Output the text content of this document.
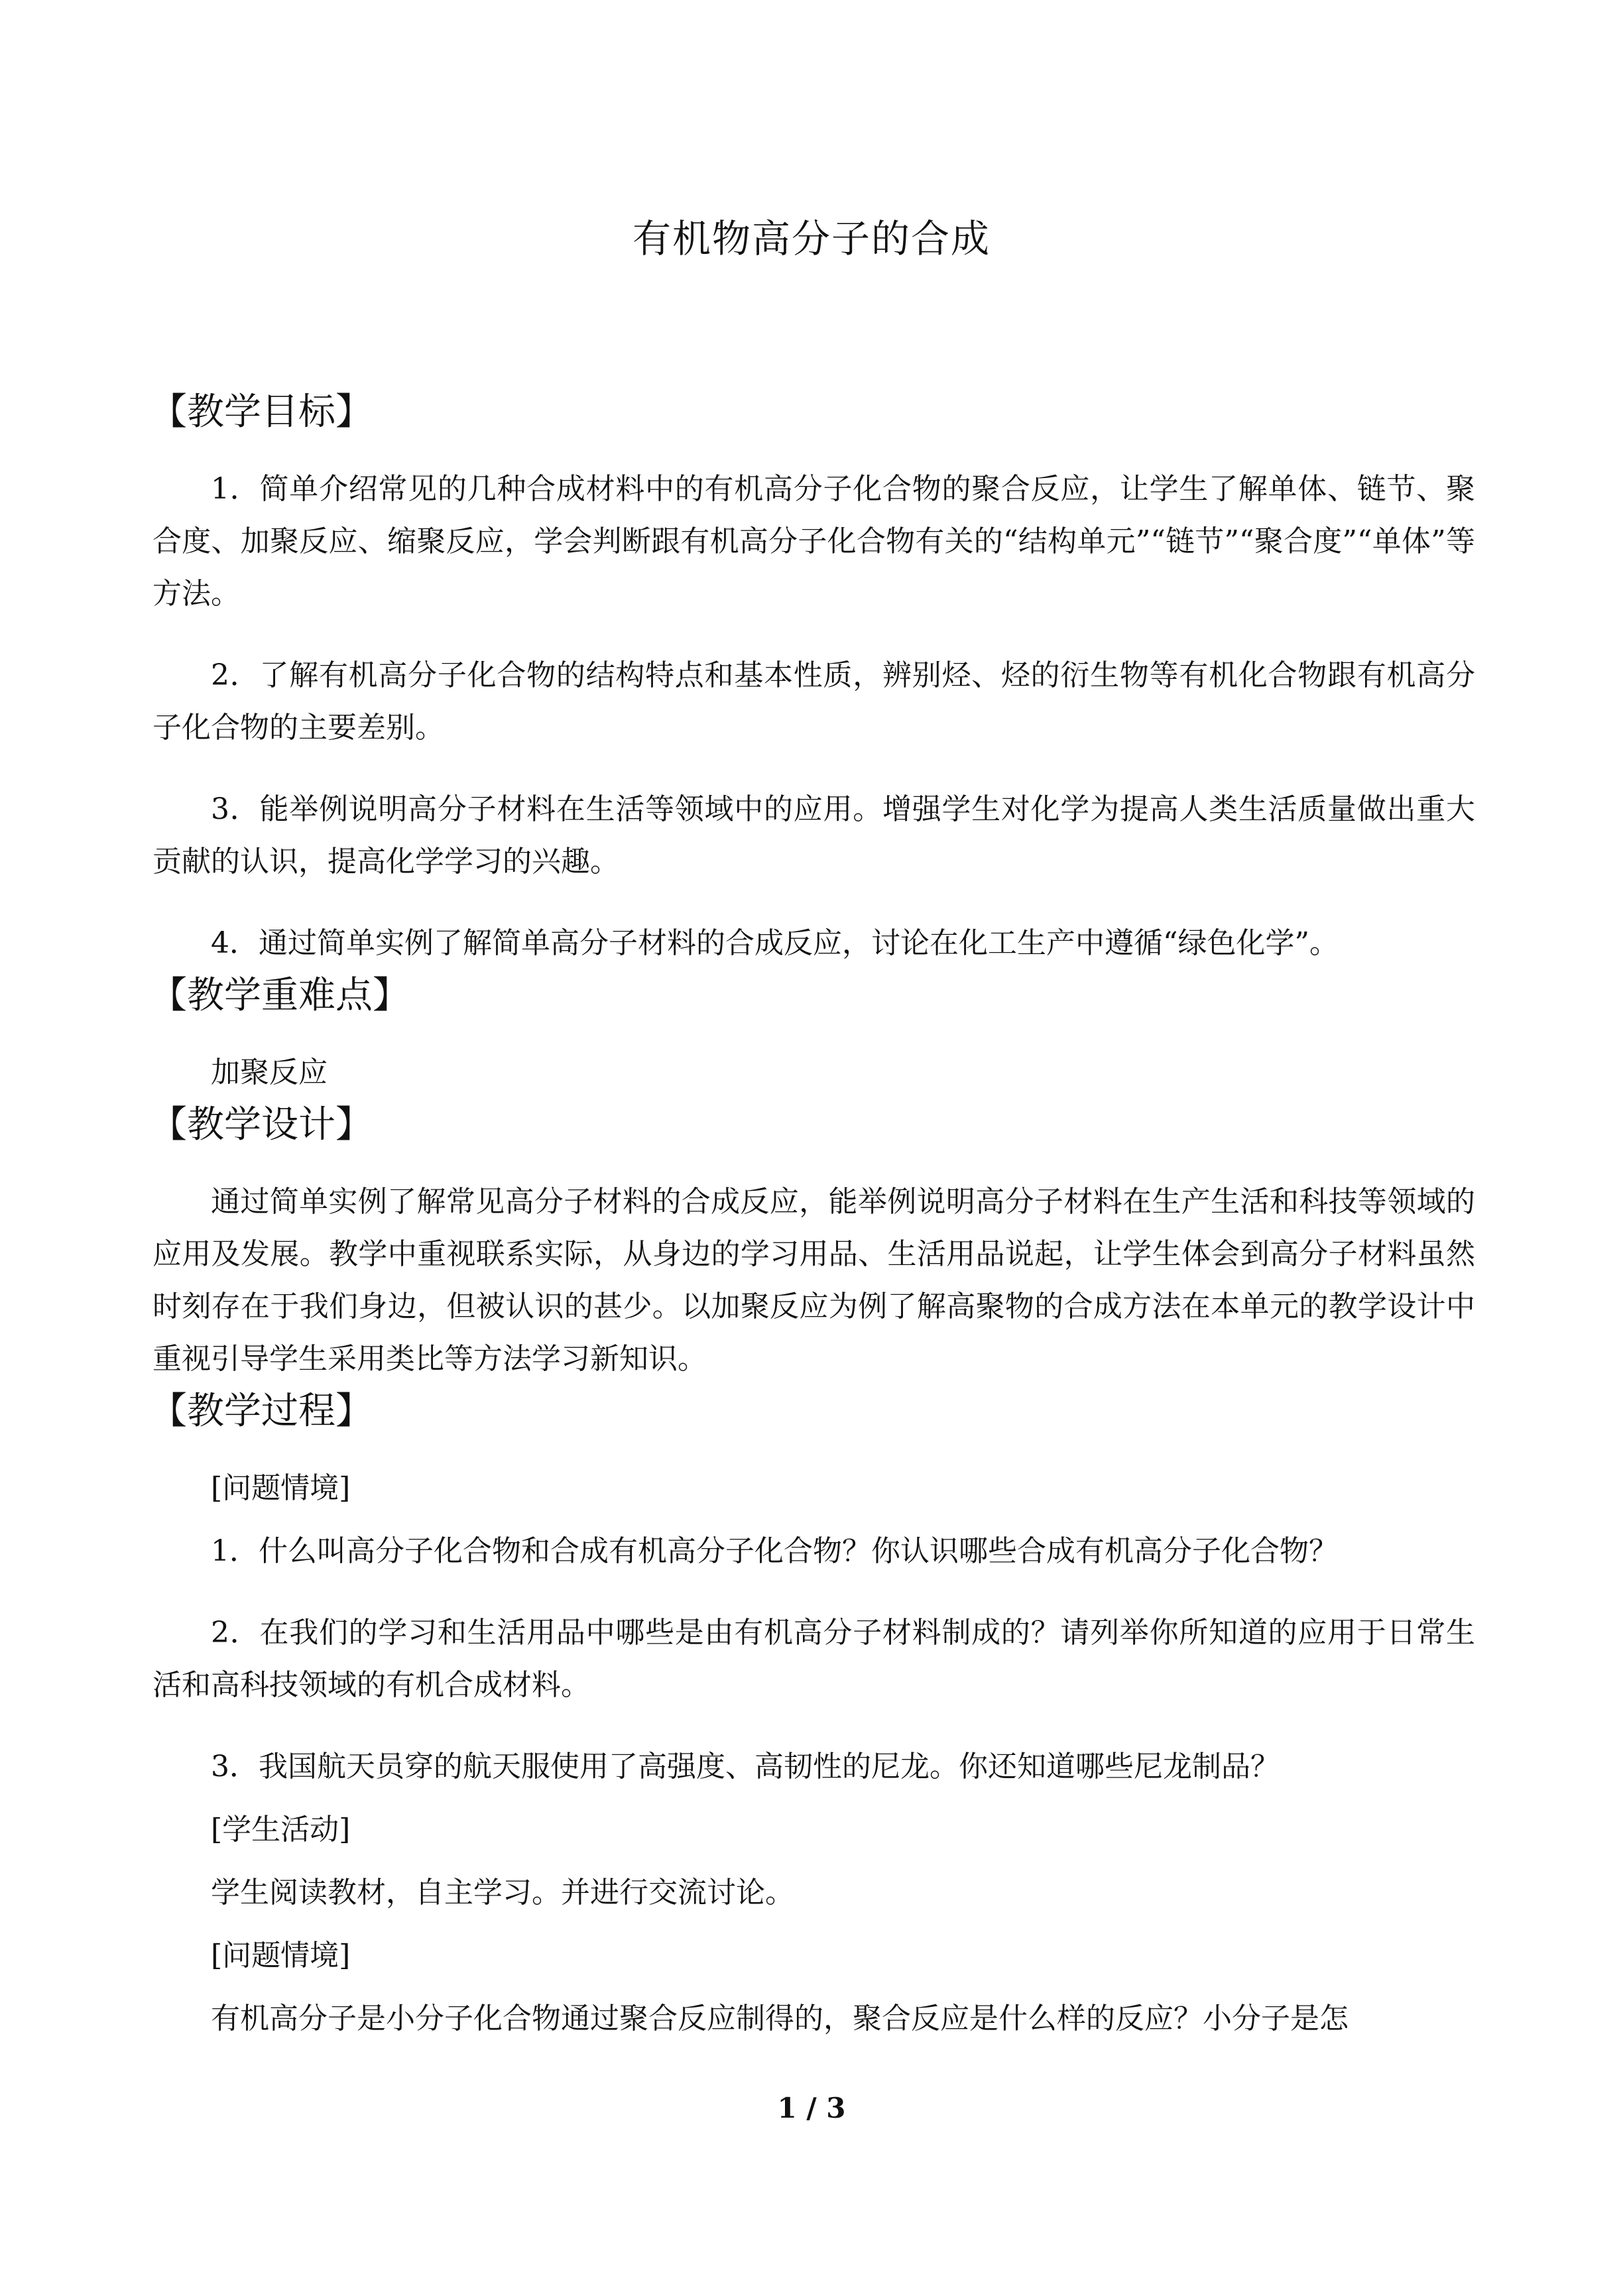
有机物高分子的合成
【教学目标】

1．简单介绍常见的几种合成材料中的有机高分子化合物的聚合反应，让学生了解单体、链节、聚合度、加聚反应、缩聚反应，学会判断跟有机高分子化合物有关的“结构单元”“链节”“聚合度”“单体”等方法。

2．了解有机高分子化合物的结构特点和基本性质，辨别烃、烃的衍生物等有机化合物跟有机高分子化合物的主要差别。

3．能举例说明高分子材料在生活等领域中的应用。增强学生对化学为提高人类生活质量做出重大贡献的认识，提高化学学习的兴趣。

4．通过简单实例了解简单高分子材料的合成反应，讨论在化工生产中遵循“绿色化学”。

【教学重难点】
加聚反应
【教学设计】

通过简单实例了解常见高分子材料的合成反应，能举例说明高分子材料在生产生活和科技等领域的应用及发展。教学中重视联系实际，从身边的学习用品、生活用品说起，让学生体会到高分子材料虽然时刻存在于我们身边，但被认识的甚少。以加聚反应为例了解高聚物的合成方法在本单元的教学设计中重视引导学生采用类比等方法学习新知识。

【教学过程】
[问题情境]

1．什么叫高分子化合物和合成有机高分子化合物？你认识哪些合成有机高分子化合物？

2．在我们的学习和生活用品中哪些是由有机高分子材料制成的？请列举你所知道的应用于日常生活和高科技领域的有机合成材料。

3．我国航天员穿的航天服使用了高强度、高韧性的尼龙。你还知道哪些尼龙制品？

[学生活动]
学生阅读教材，自主学习。并进行交流讨论。
[问题情境]
有机高分子是小分子化合物通过聚合反应制得的，聚合反应是什么样的反应？小分子是怎
1 / 3
